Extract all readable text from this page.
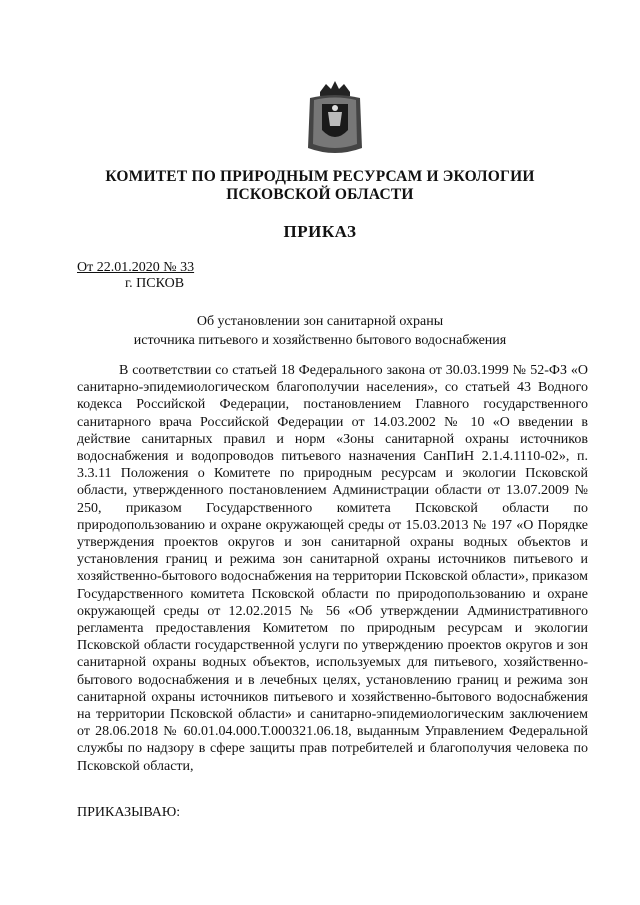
КОМИТЕТ ПО ПРИРОДНЫМ РЕСУРСАМ И ЭКОЛОГИИ
ПСКОВСКОЙ ОБЛАСТИ
ПРИКАЗ
От 22.01.2020 № 33
г. ПСКОВ
Об установлении зон санитарной охраны
источника питьевого и хозяйственно бытового водоснабжения
В соответствии со статьей 18 Федерального закона от 30.03.1999 № 52-ФЗ «О санитарно-эпидемиологическом благополучии населения», со статьей 43 Водного кодекса Российской Федерации, постановлением Главного государственного санитарного врача Российской Федерации от 14.03.2002 № 10 «О введении в действие санитарных правил и норм «Зоны санитарной охраны источников водоснабжения и водопроводов питьевого назначения СанПиН 2.1.4.1110-02», п. 3.3.11 Положения о Комитете по природным ресурсам и экологии Псковской области, утвержденного постановлением Администрации области от 13.07.2009 № 250, приказом Государственного комитета Псковской области по природопользованию и охране окружающей среды от 15.03.2013 № 197 «О Порядке утверждения проектов округов и зон санитарной охраны водных объектов и установления границ и режима зон санитарной охраны источников питьевого и хозяйственно-бытового водоснабжения на территории Псковской области», приказом Государственного комитета Псковской области по природопользованию и охране окружающей среды от 12.02.2015 № 56 «Об утверждении Административного регламента предоставления Комитетом по природным ресурсам и экологии Псковской области государственной услуги по утверждению проектов округов и зон санитарной охраны водных объектов, используемых для питьевого, хозяйственно-бытового водоснабжения и в лечебных целях, установлению границ и режима зон санитарной охраны источников питьевого и хозяйственно-бытового водоснабжения на территории Псковской области» и санитарно-эпидемиологическим заключением от 28.06.2018 № 60.01.04.000.Т.000321.06.18, выданным Управлением Федеральной службы по надзору в сфере защиты прав потребителей и благополучия человека по Псковской области,
ПРИКАЗЫВАЮ:
